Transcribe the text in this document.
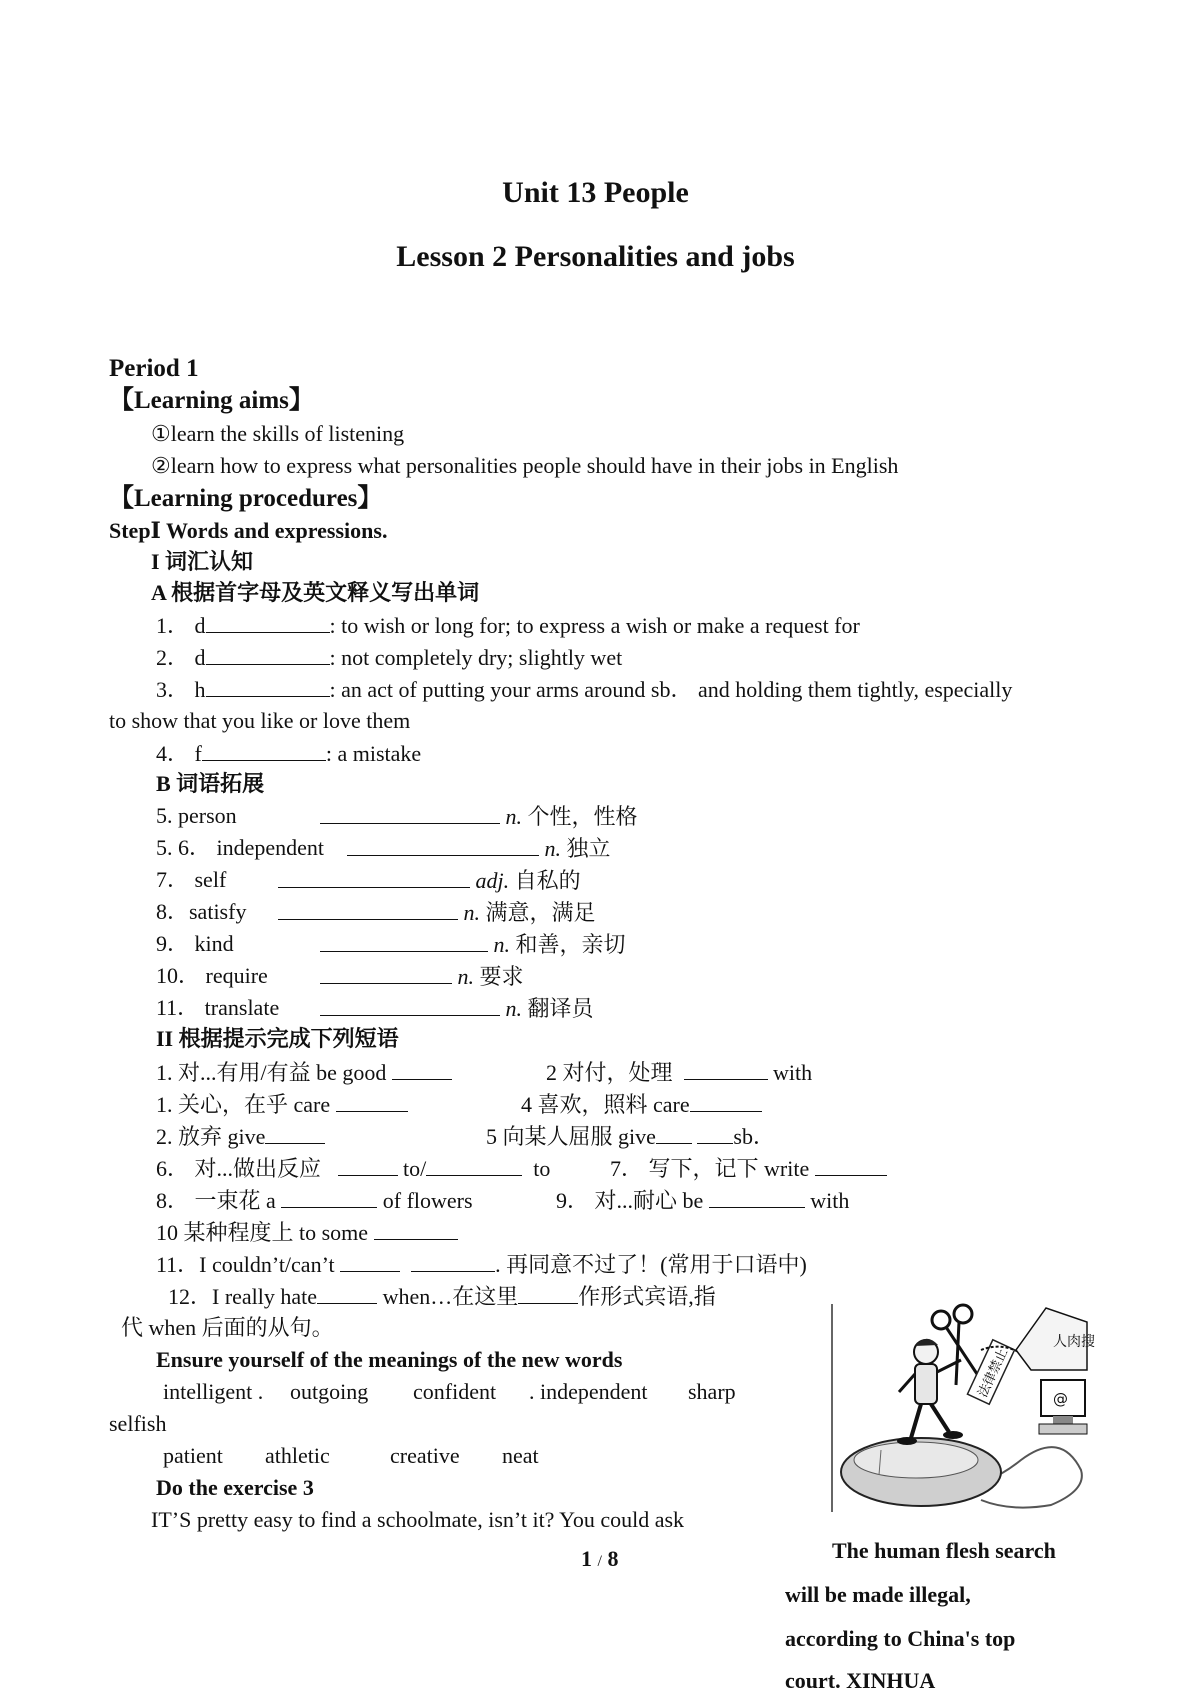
Unit 13 People
Lesson 2 Personalities and jobs
Period 1
【Learning aims】
①learn the skills of listening
②learn how to express what personalities people should have in their jobs in English
【Learning procedures】
StepⅠ Words and expressions.
I 词汇认知
A 根据首字母及英文释义写出单词
1． d	: to wish or long for; to express a wish or make a request for
2． d	: not completely dry; slightly wet
3． h	: an act of putting your arms around sb． and holding them tightly, especially
to show that you like or love them
4． f	: a mistake
B 词语拓展
5. person	n. 个性，性格
5. 6． independent	n. 独立
7． self	adj. 自私的
8．satisfy	n. 满意，满足
9． kind	n. 和善，亲切
10． require	n. 要求
11． translate	n. 翻译员
II 根据提示完成下列短语
1. 对...有用/有益 be good	2 对付，处理	with
1. 关心，在乎 care	4 喜欢，照料 care
2. 放弃 give	5 向某人屈服 give	sb．
6． 对...做出反应	to/	to	7． 写下，记下 write
8． 一束花 a	of flowers	9． 对...耐心 be	with
10 某种程度上 to some
11．I couldn’t/can’t	. 再同意不过了！(常用于口语中)
12．I really hate	when…在这里	作形式宾语,指
代 when 后面的从句。
Ensure yourself of the meanings of the new words
intelligent . outgoing confident . independent sharp
selfish
patient athletic	creative neat
Do the exercise 3
IT’S pretty easy to find a schoolmate, isn’t it? You could ask
1 / 8
法律禁止
人肉搜
@
The human flesh search
will be made illegal,
according to China's top
court. XINHUA
